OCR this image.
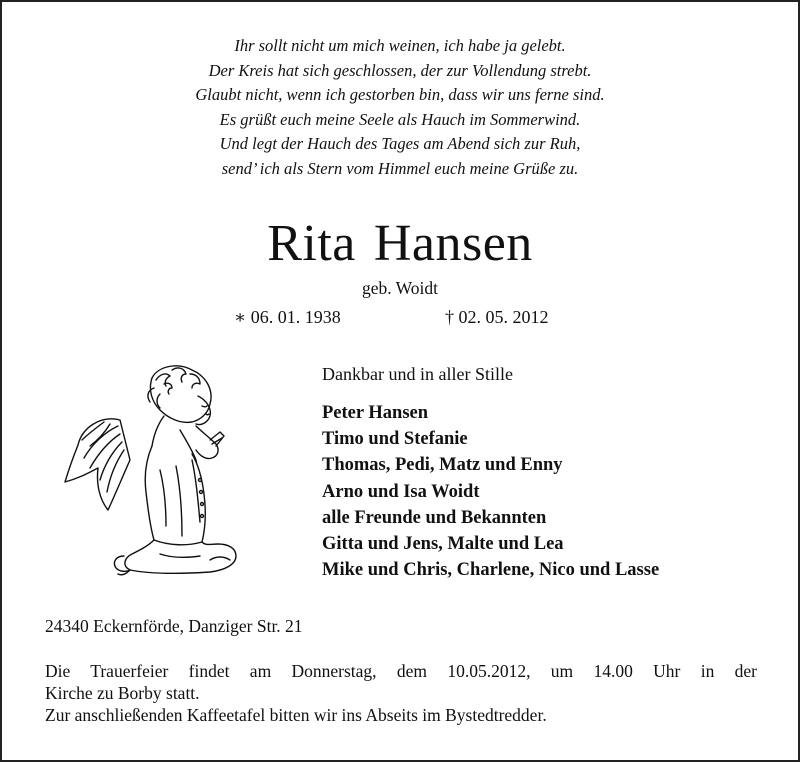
Ihr sollt nicht um mich weinen, ich habe ja gelebt.
Der Kreis hat sich geschlossen, der zur Vollendung strebt.
Glaubt nicht, wenn ich gestorben bin, dass wir uns ferne sind.
Es grüßt euch meine Seele als Hauch im Sommerwind.
Und legt der Hauch des Tages am Abend sich zur Ruh,
send’ ich als Stern vom Himmel euch meine Grüße zu.
Rita Hansen
geb. Woidt
∗ 06. 01. 1938	† 02. 05. 2012
Dankbar und in aller Stille
Peter Hansen
Timo und Stefanie
Thomas, Pedi, Matz und Enny
Arno und Isa Woidt
alle Freunde und Bekannten
Gitta und Jens, Malte und Lea
Mike und Chris, Charlene, Nico und Lasse
24340 Eckernförde, Danziger Str. 21
Die Trauerfeier findet am Donnerstag, dem 10.05.2012, um 14.00 Uhr in der
Kirche zu Borby statt.
Zur anschließenden Kaffeetafel bitten wir ins Abseits im Bystedtredder.
